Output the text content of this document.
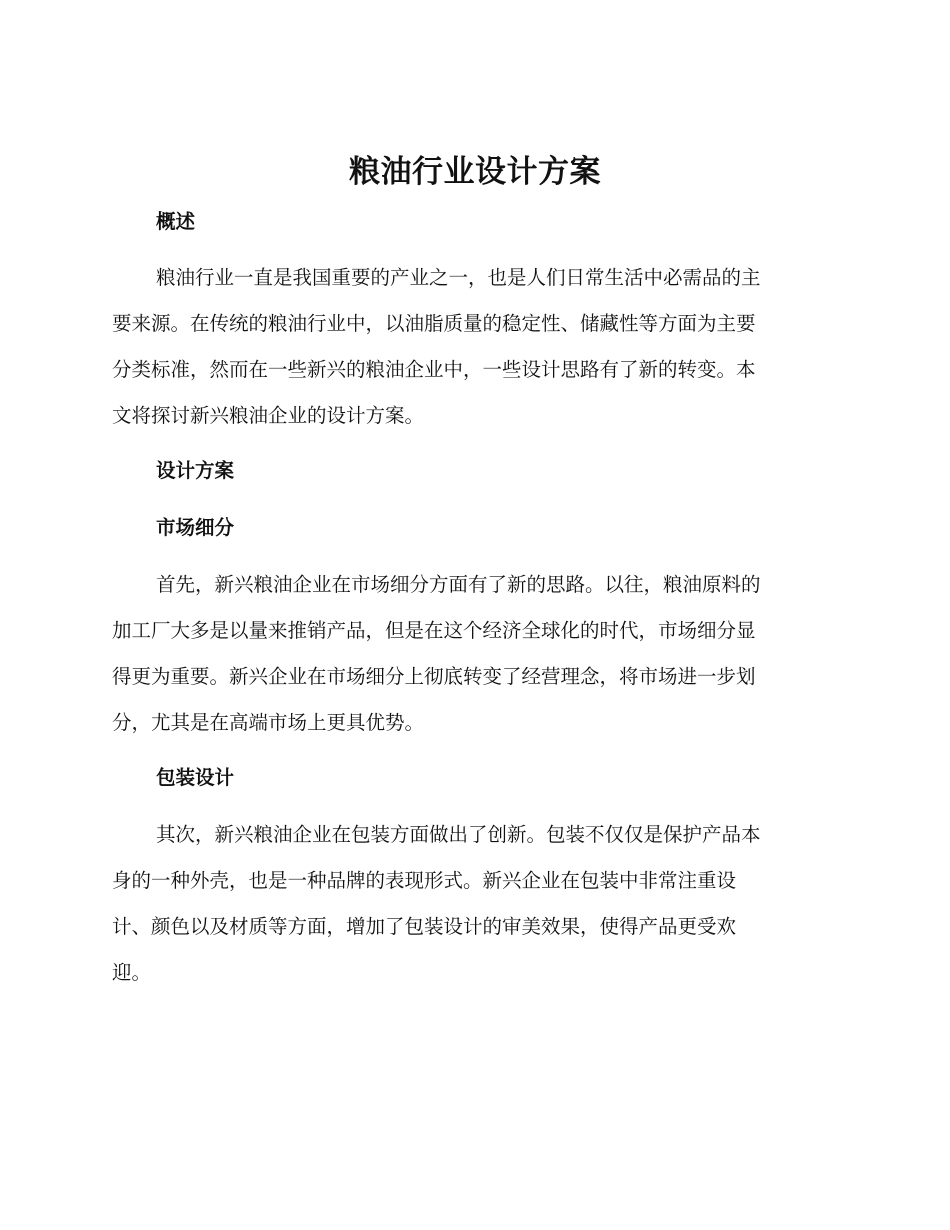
粮油行业设计方案
概述
粮油行业一直是我国重要的产业之一，也是人们日常生活中必需品的主
要来源。在传统的粮油行业中，以油脂质量的稳定性、储藏性等方面为主要
分类标准，然而在一些新兴的粮油企业中，一些设计思路有了新的转变。本
文将探讨新兴粮油企业的设计方案。
设计方案
市场细分
首先，新兴粮油企业在市场细分方面有了新的思路。以往，粮油原料的
加工厂大多是以量来推销产品，但是在这个经济全球化的时代，市场细分显
得更为重要。新兴企业在市场细分上彻底转变了经营理念，将市场进一步划
分，尤其是在高端市场上更具优势。
包装设计
其次，新兴粮油企业在包装方面做出了创新。包装不仅仅是保护产品本
身的一种外壳，也是一种品牌的表现形式。新兴企业在包装中非常注重设
计、颜色以及材质等方面，增加了包装设计的审美效果，使得产品更受欢
迎。
